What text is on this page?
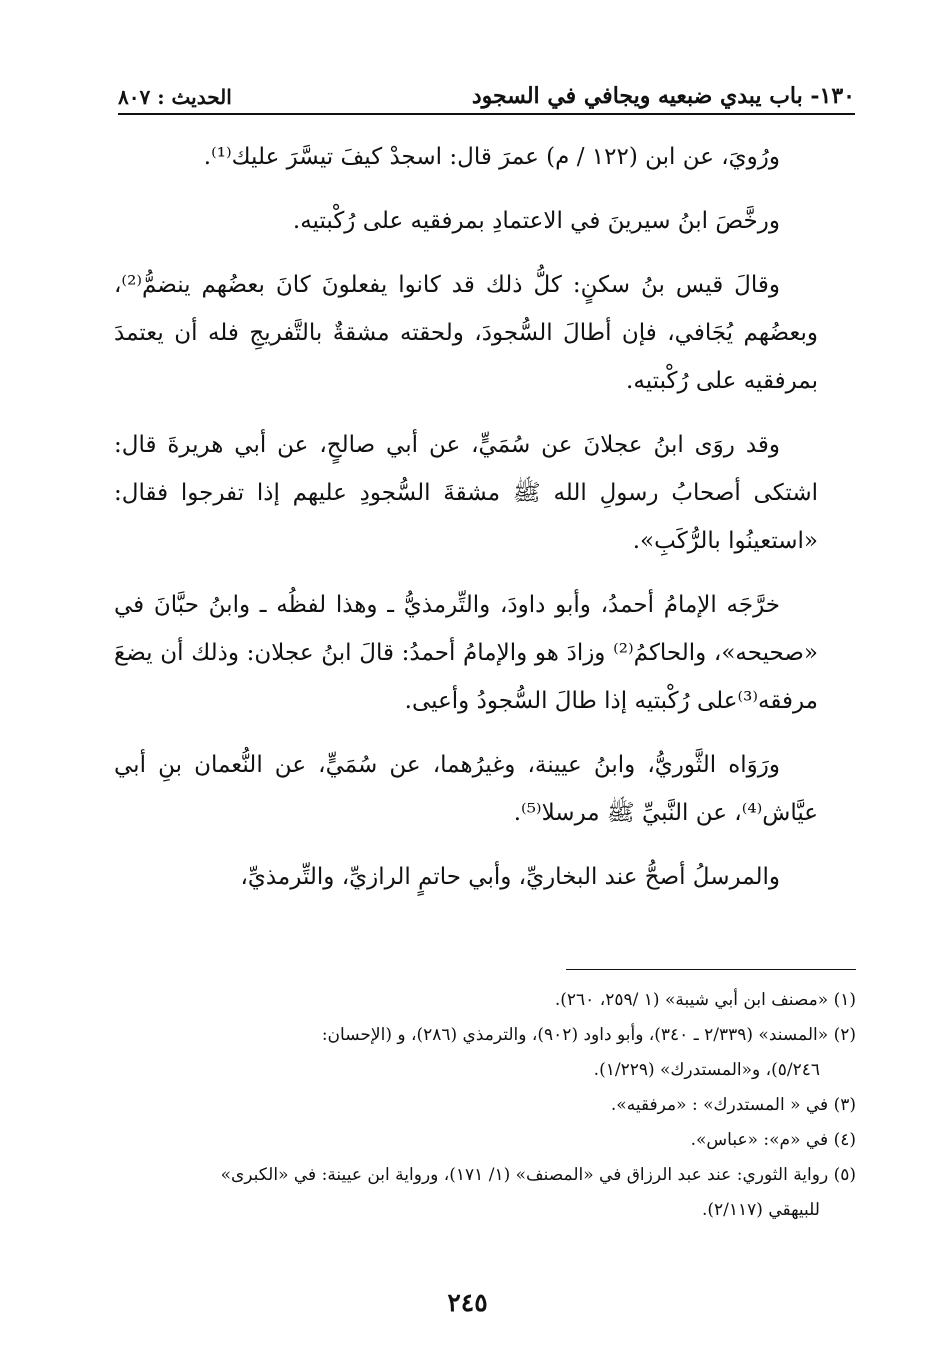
١٣٠- باب يبدي ضبعيه ويجافي في السجود
الحديث : ٨٠٧

ورُويَ، عن ابن (١٢٢ / م) عمرَ قال: اسجدْ كيفَ تيسَّرَ عليك⁽¹⁾.

ورخَّصَ ابنُ سيرينَ في الاعتمادِ بمرفقيه على رُكْبتيه.

وقالَ قيس بنُ سكنٍ: كلُّ ذلك قد كانوا يفعلونَ كانَ بعضُهم ينضمُّ⁽²⁾، وبعضُهم يُجَافي، فإن أطالَ السُّجودَ، ولحقته مشقةٌ بالتَّفريجِ فله أن يعتمدَ بمرفقيه على رُكْبتيه.

وقد روَى ابنُ عجلانَ عن سُمَيٍّ، عن أبي صالحٍ، عن أبي هريرةَ قال: اشتكى أصحابُ رسولِ الله ﷺ مشقةَ السُّجودِ عليهم إذا تفرجوا فقال: «استعينُوا بالرُّكَبِ».

خرَّجَه الإمامُ أحمدُ، وأبو داودَ، والتِّرمذيُّ ـ وهذا لفظُه ـ وابنُ حبَّانَ في «صحيحه»، والحاكمُ⁽²⁾ وزادَ هو والإمامُ أحمدُ: قالَ ابنُ عجلان: وذلك أن يضعَ مرفقه⁽³⁾على رُكْبتيه إذا طالَ السُّجودُ وأعيى.

ورَوَاه الثَّوريُّ، وابنُ عيينة، وغيرُهما، عن سُمَيٍّ، عن النُّعمان بنِ أبي عيَّاش⁽⁴⁾، عن النَّبيِّ ﷺ مرسلا⁽⁵⁾.

والمرسلُ أصحُّ عند البخاريِّ، وأبي حاتمٍ الرازيِّ، والتِّرمذيِّ،

(١) «مصنف ابن أبي شيبة» (١ /٢٥٩، ٢٦٠).

(٢) «المسند» (٢/٣٣٩ ـ ٣٤٠)، وأبو داود (٩٠٢)، والترمذي (٢٨٦)، و (الإحسان:

٥/٢٤٦)، و«المستدرك» (١/٢٢٩).

(٣) في « المستدرك» : «مرفقيه».

(٤) في «م»: «عباس».

(٥) رواية الثوري: عند عبد الرزاق في «المصنف» (١/ ١٧١)، ورواية ابن عيينة: في «الكبرى»

للبيهقي (٢/١١٧).

٢٤٥
